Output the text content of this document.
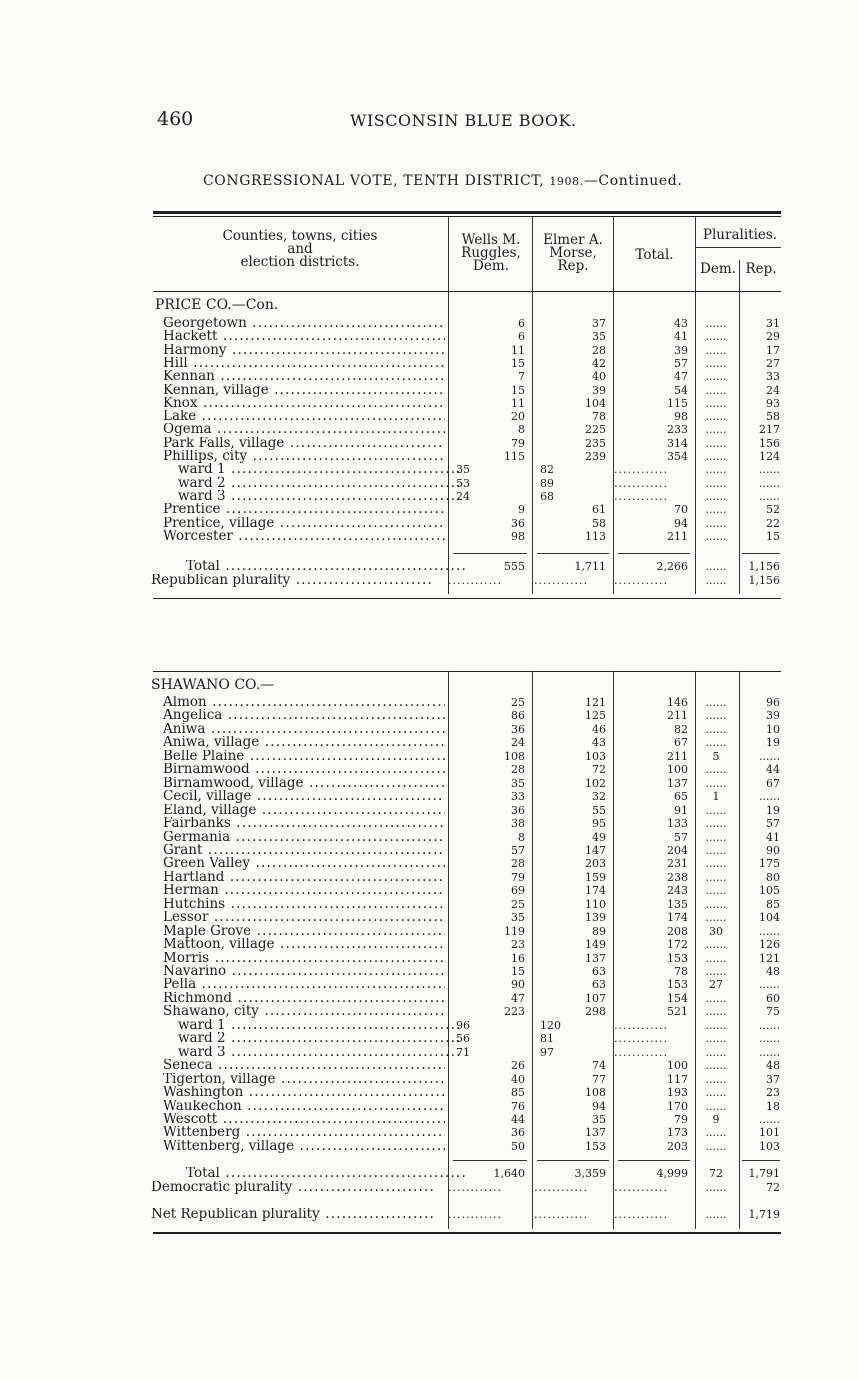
460	WISCONSIN BLUE BOOK.
CONGRESSIONAL VOTE, TENTH DISTRICT, 1908.—Continued.
Counties, towns, cities
and
election districts.
Wells M.
Ruggles,
Dem.
Elmer A.
Morse,
Rep.
Total.
Pluralities.
Dem. Rep.
PRICE CO.—Con.
Georgetown .....	6	37	43	......	31
Hackett .....	6	35	41	......	29
Harmony .....	11	28	39	......	17
Hill .....	15	42	57	......	27
Kennan .....	7	40	47	......	33
Kennan, village .....	15	39	54	......	24
Knox .....	11	104	115	......	93
Lake .....	20	78	98	......	58
Ogema .....	8	225	233	......	217
Park Falls, village .....	79	235	314	......	156
Phillips, city .....	115	239	354	......	124
ward 1 .....	35	82	............	......	......
ward 2 .....	53	89	............	......	......
ward 3 .....	24	68	............	......	......
Prentice .....	9	61	70	......	52
Prentice, village .....	36	58	94	......	22
Worcester .....	98	113	211	......	15
Total .....	555	1,711	2,266	......	1,156
Republican plurality .....	............	............	............	......	1,156
SHAWANO CO.—
Almon .....	25	121	146	......	96
Angelica .....	86	125	211	......	39
Aniwa .....	36	46	82	......	10
Aniwa, village .....	24	43	67	......	19
Belle Plaine .....	108	103	211	5	......
Birnamwood .....	28	72	100	......	44
Birnamwood, village .....	35	102	137	......	67
Cecil, village .....	33	32	65	1	......
Eland, village .....	36	55	91	......	19
Fairbanks .....	38	95	133	......	57
Germania .....	8	49	57	......	41
Grant .....	57	147	204	......	90
Green Valley .....	28	203	231	......	175
Hartland .....	79	159	238	......	80
Herman .....	69	174	243	......	105
Hutchins .....	25	110	135	......	85
Lessor .....	35	139	174	......	104
Maple Grove .....	119	89	208	30	......
Mattoon, village .....	23	149	172	......	126
Morris .....	16	137	153	......	121
Navarino .....	15	63	78	......	48
Pella .....	90	63	153	27	......
Richmond .....	47	107	154	......	60
Shawano, city .....	223	298	521	......	75
ward 1 .....	96	120	............	......	......
ward 2 .....	56	81	............	......	......
ward 3 .....	71	97	............	......	......
Seneca .....	26	74	100	......	48
Tigerton, village .....	40	77	117	......	37
Washington .....	85	108	193	......	23
Waukechon .....	76	94	170	......	18
Wescott .....	44	35	79	9	......
Wittenberg .....	36	137	173	......	101
Wittenberg, village .....	50	153	203	......	103
Total .....	1,640	3,359	4,999	72	1,791
Democratic plurality .....	............	............	............	......	72
Net Republican plurality .....	............	............	............	......	1,719
